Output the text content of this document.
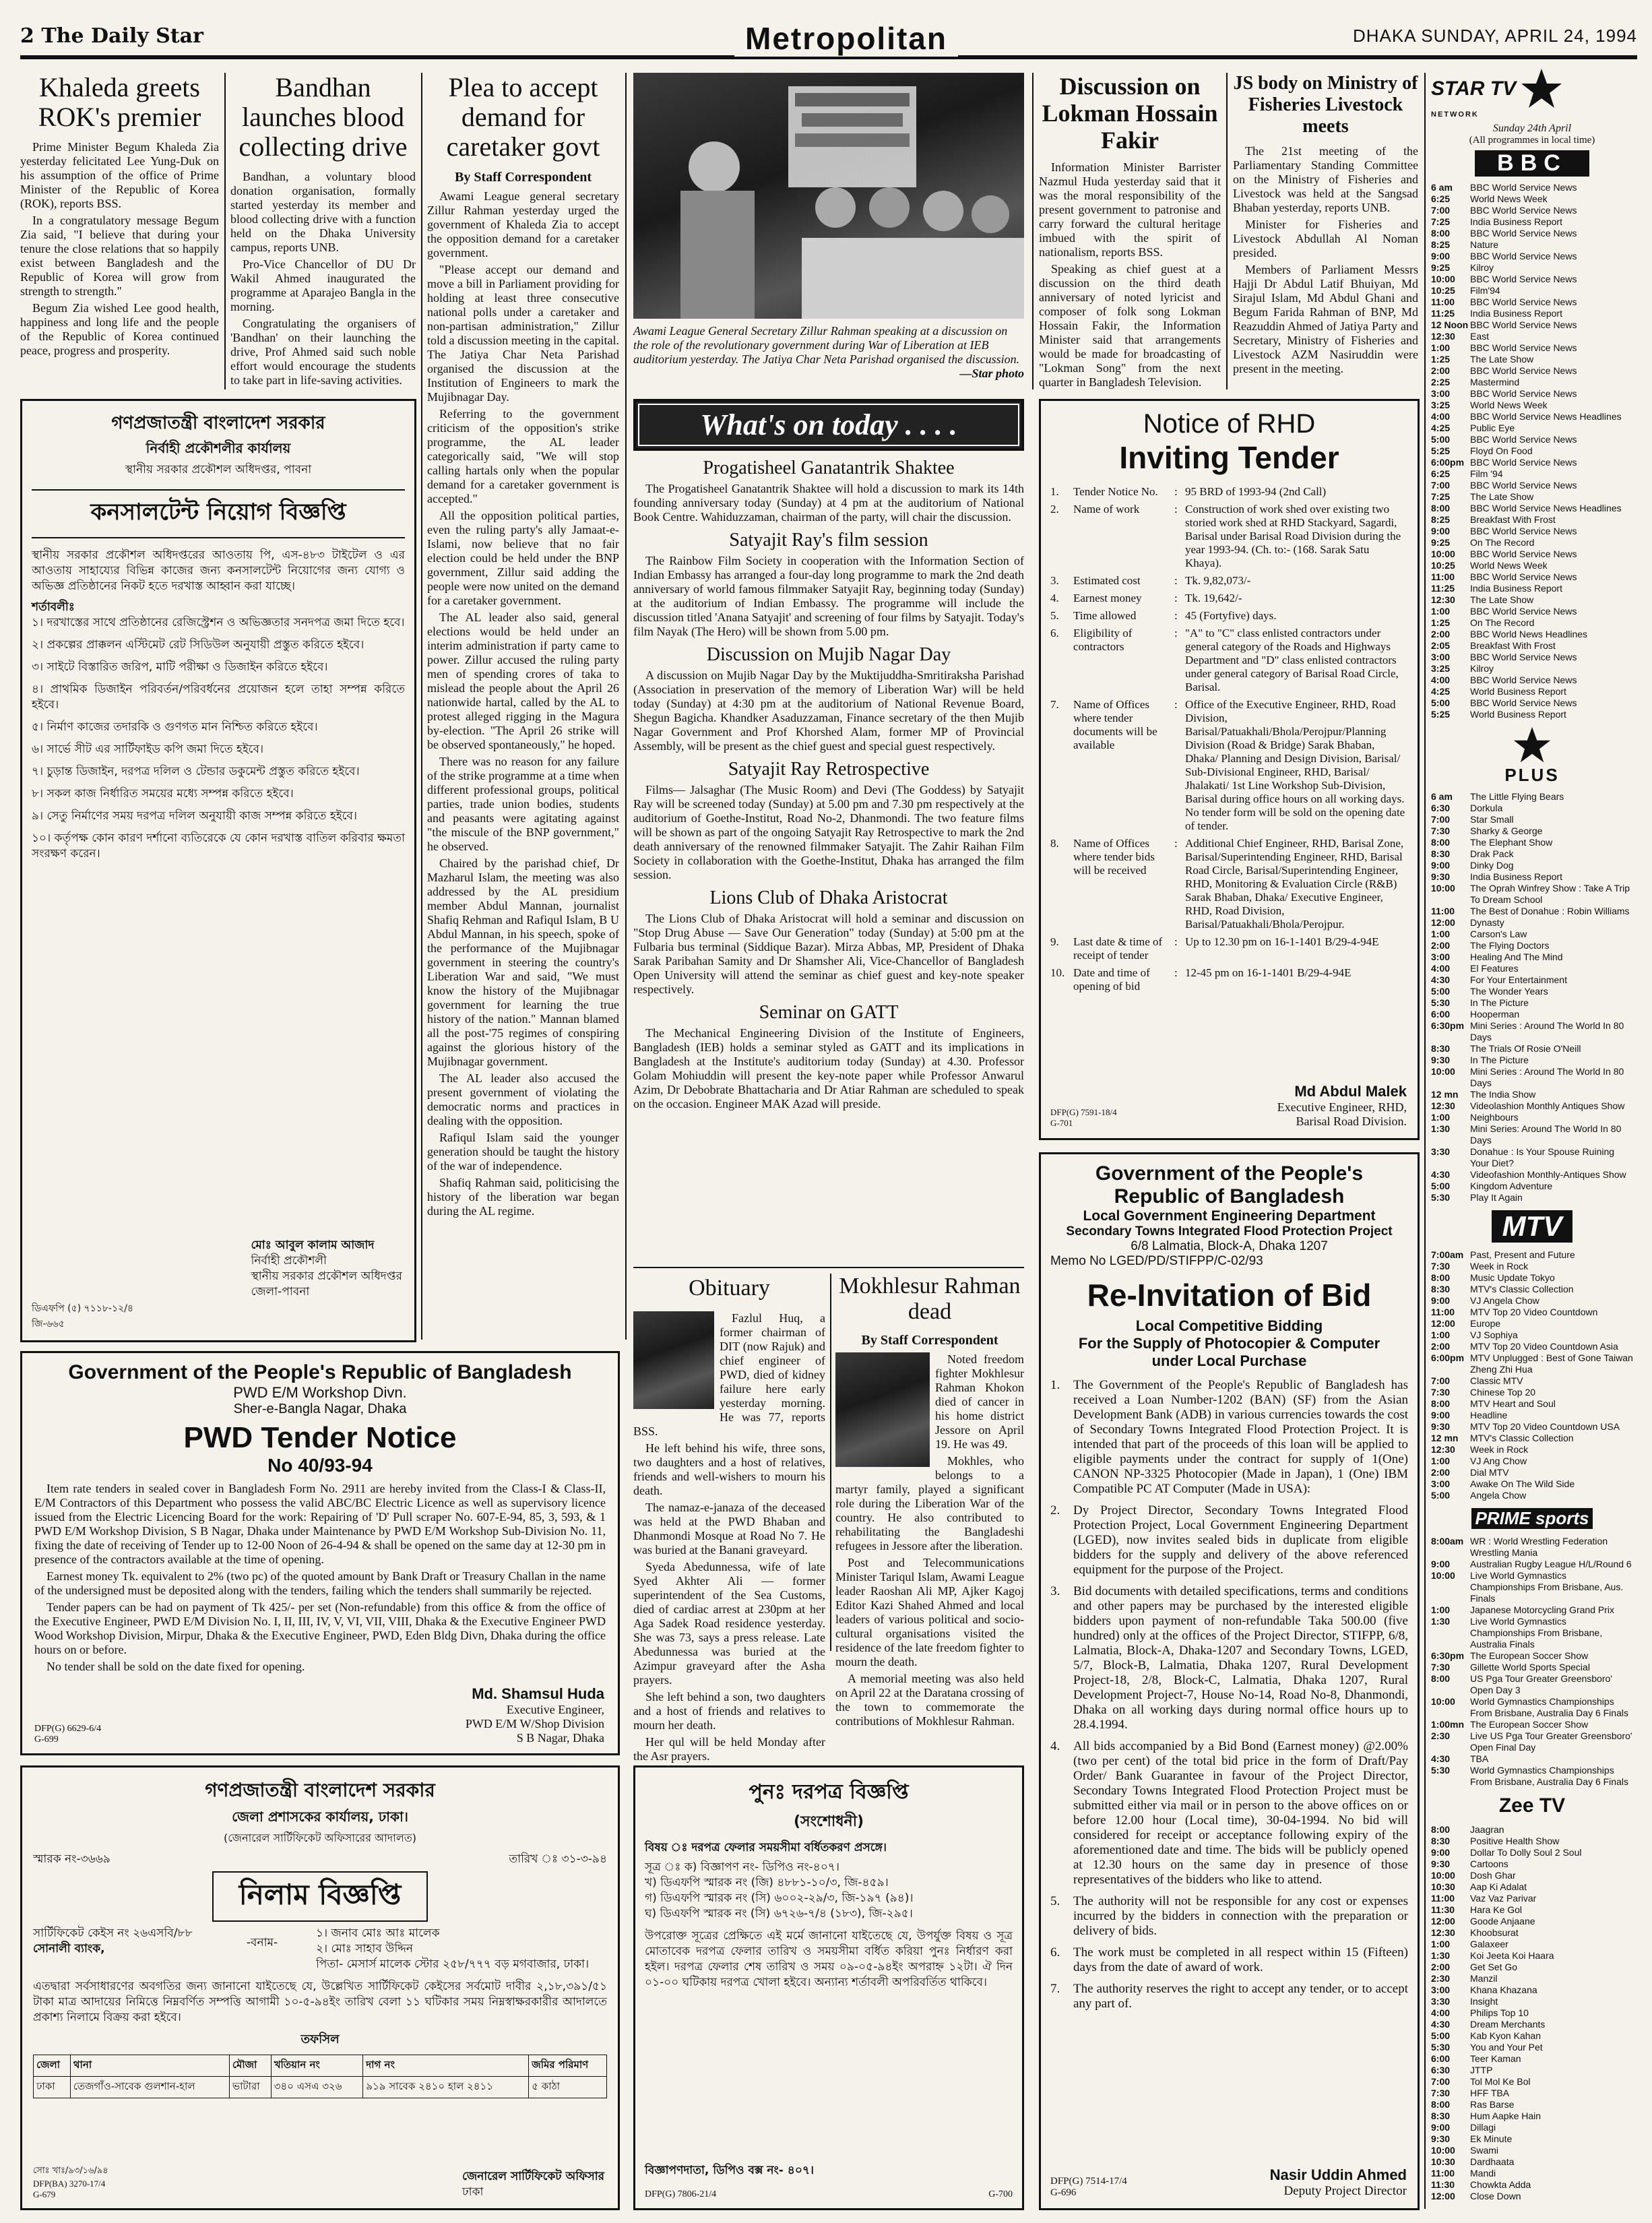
2 The Daily Star	Metropolitan	DHAKA SUNDAY, APRIL 24, 1994
Khaleda greets ROK's premier

Prime Minister Begum Khaleda Zia yesterday felicitated Lee Yung-Duk on his assumption of the office of Prime Minister of the Republic of Korea (ROK), reports BSS.

In a congratulatory message Begum Zia said, "I believe that during your tenure the close relations that so happily exist between Bangladesh and the Republic of Korea will grow from strength to strength."

Begum Zia wished Lee good health, happiness and long life and the people of the Republic of Korea continued peace, progress and prosperity.

Bandhan launches blood collecting drive

Bandhan, a voluntary blood donation organisation, formally started yesterday its member and blood collecting drive with a function held on the Dhaka University campus, reports UNB.

Pro-Vice Chancellor of DU Dr Wakil Ahmed inaugurated the programme at Aparajeo Bangla in the morning.

Congratulating the organisers of 'Bandhan' on their launching the drive, Prof Ahmed said such noble effort would encourage the students to take part in life-saving activities.

Plea to accept demand for caretaker govt
By Staff Correspondent

Awami League general secretary Zillur Rahman yesterday urged the government of Khaleda Zia to accept the opposition demand for a caretaker government.

"Please accept our demand and move a bill in Parliament providing for holding at least three consecutive national polls under a caretaker and non-partisan administration," Zillur told a discussion meeting in the capital. The Jatiya Char Neta Parishad organised the discussion at the Institution of Engineers to mark the Mujibnagar Day.

Referring to the government criticism of the opposition's strike programme, the AL leader categorically said, "We will stop calling hartals only when the popular demand for a caretaker government is accepted."

All the opposition political parties, even the ruling party's ally Jamaat-e-Islami, now believe that no fair election could be held under the BNP government, Zillur said adding the people were now united on the demand for a caretaker government.

The AL leader also said, general elections would be held under an interim administration if party came to power. Zillur accused the ruling party men of spending crores of taka to mislead the people about the April 26 nationwide hartal, called by the AL to protest alleged rigging in the Magura by-election. "The April 26 strike will be observed spontaneously," he hoped.

There was no reason for any failure of the strike programme at a time when different professional groups, political parties, trade union bodies, students and peasants were agitating against "the miscule of the BNP government," he observed.

Chaired by the parishad chief, Dr Mazharul Islam, the meeting was also addressed by the AL presidium member Abdul Mannan, journalist Shafiq Rehman and Rafiqul Islam, B U Abdul Mannan, in his speech, spoke of the performance of the Mujibnagar government in steering the country's Liberation War and said, "We must know the history of the Mujibnagar government for learning the true history of the nation." Mannan blamed all the post-'75 regimes of conspiring against the glorious history of the Mujibnagar government.

The AL leader also accused the present government of violating the democratic norms and practices in dealing with the opposition.

Rafiqul Islam said the younger generation should be taught the history of the war of independence.

Shafiq Rahman said, politicising the history of the liberation war began during the AL regime.

Awami League General Secretary Zillur Rahman speaking at a discussion on the role of the revolutionary government during War of Liberation at IEB auditorium yesterday. The Jatiya Char Neta Parishad organised the discussion.
—Star photo
Discussion on Lokman Hossain Fakir

Information Minister Barrister Nazmul Huda yesterday said that it was the moral responsibility of the present government to patronise and carry forward the cultural heritage imbued with the spirit of nationalism, reports BSS.

Speaking as chief guest at a discussion on the third death anniversary of noted lyricist and composer of folk song Lokman Hossain Fakir, the Information Minister said that arrangements would be made for broadcasting of "Lokman Song" from the next quarter in Bangladesh Television.

JS body on Ministry of Fisheries Livestock meets

The 21st meeting of the Parliamentary Standing Committee on the Ministry of Fisheries and Livestock was held at the Sangsad Bhaban yesterday, reports UNB.

Minister for Fisheries and Livestock Abdullah Al Noman presided.

Members of Parliament Messrs Hajji Dr Abdul Latif Bhuiyan, Md Sirajul Islam, Md Abdul Ghani and Begum Farida Rahman of BNP, Md Reazuddin Ahmed of Jatiya Party and Secretary, Ministry of Fisheries and Livestock AZM Nasiruddin were present in the meeting.

গণপ্রজাতন্ত্রী বাংলাদেশ সরকার
নির্বাহী প্রকৌশলীর কার্যালয়
স্থানীয় সরকার প্রকৌশল অধিদপ্তর, পাবনা
কনসালটেন্ট নিয়োগ বিজ্ঞপ্তি
স্থানীয় সরকার প্রকৌশল অধিদপ্তরের আওতায় পি, এস-৪৮৩ টাইটেল ও এর আওতায় সাহায্যের বিভিন্ন কাজের জন্য কনসালটেন্ট নিয়োগের জন্য যোগ্য ও অভিজ্ঞ প্রতিষ্ঠানের নিকট হতে দরখাস্ত আহ্বান করা যাচ্ছে।
শর্তাবলীঃ
১। দরখাস্তের সাথে প্রতিষ্ঠানের রেজিস্ট্রেশন ও অভিজ্ঞতার সনদপত্র জমা দিতে হবে।
২। প্রকল্পের প্রাক্কলন এস্টিমেট রেট সিডিউল অনুযায়ী প্রস্তুত করিতে হইবে।
৩। সাইটে বিস্তারিত জরিপ, মাটি পরীক্ষা ও ডিজাইন করিতে হইবে।
৪। প্রাথমিক ডিজাইন পরিবর্তন/পরিবর্ধনের প্রয়োজন হলে তাহা সম্পন্ন করিতে হইবে।
৫। নির্মাণ কাজের তদারকি ও গুণগত মান নিশ্চিত করিতে হইবে।
৬। সার্ভে সীট এর সার্টিফাইড কপি জমা দিতে হইবে।
৭। চুড়ান্ত ডিজাইন, দরপত্র দলিল ও টেন্ডার ডকুমেন্ট প্রস্তুত করিতে হইবে।
৮। সকল কাজ নির্ধারিত সময়ের মধ্যে সম্পন্ন করিতে হইবে।
৯। সেতু নির্মাণের সময় দরপত্র দলিল অনুযায়ী কাজ সম্পন্ন করিতে হইবে।
১০। কর্তৃপক্ষ কোন কারণ দর্শানো ব্যতিরেকে যে কোন দরখাস্ত বাতিল করিবার ক্ষমতা সংরক্ষণ করেন।
মোঃ আবুল কালাম আজাদ
নির্বাহী প্রকৌশলী
স্থানীয় সরকার প্রকৌশল অধিদপ্তর
জেলা-পাবনা
ডিএফপি (৫) ৭১১৮-১২/৪
জি-৬৬৫
What's on today . . . .
Progatisheel Ganatantrik Shaktee
The Progatisheel Ganatantrik Shaktee will hold a discussion to mark its 14th founding anniversary today (Sunday) at 4 pm at the auditorium of National Book Centre. Wahiduzzaman, chairman of the party, will chair the discussion.
Satyajit Ray's film session
The Rainbow Film Society in cooperation with the Information Section of Indian Embassy has arranged a four-day long programme to mark the 2nd death anniversary of world famous filmmaker Satyajit Ray, beginning today (Sunday) at the auditorium of Indian Embassy. The programme will include the discussion titled 'Anana Satyajit' and screening of four films by Satyajit. Today's film Nayak (The Hero) will be shown from 5.00 pm.
Discussion on Mujib Nagar Day
A discussion on Mujib Nagar Day by the Muktijuddha-Smritiraksha Parishad (Association in preservation of the memory of Liberation War) will be held today (Sunday) at 4:30 pm at the auditorium of National Revenue Board, Shegun Bagicha. Khandker Asaduzzaman, Finance secretary of the then Mujib Nagar Government and Prof Khorshed Alam, former MP of Provincial Assembly, will be present as the chief guest and special guest respectively.
Satyajit Ray Retrospective
Films— Jalsaghar (The Music Room) and Devi (The Goddess) by Satyajit Ray will be screened today (Sunday) at 5.00 pm and 7.30 pm respectively at the auditorium of Goethe-Institut, Road No-2, Dhanmondi. The two feature films will be shown as part of the ongoing Satyajit Ray Retrospective to mark the 2nd death anniversary of the renowned filmmaker Satyajit. The Zahir Raihan Film Society in collaboration with the Goethe-Institut, Dhaka has arranged the film session.
Lions Club of Dhaka Aristocrat
The Lions Club of Dhaka Aristocrat will hold a seminar and discussion on "Stop Drug Abuse — Save Our Generation" today (Sunday) at 5:00 pm at the Fulbaria bus terminal (Siddique Bazar). Mirza Abbas, MP, President of Dhaka Sarak Paribahan Samity and Dr Shamsher Ali, Vice-Chancellor of Bangladesh Open University will attend the seminar as chief guest and key-note speaker respectively.
Seminar on GATT
The Mechanical Engineering Division of the Institute of Engineers, Bangladesh (IEB) holds a seminar styled as GATT and its implications in Bangladesh at the Institute's auditorium today (Sunday) at 4.30. Professor Golam Mohiuddin will present the key-note paper while Professor Anwarul Azim, Dr Debobrate Bhattacharia and Dr Atiar Rahman are scheduled to speak on the occasion. Engineer MAK Azad will preside.
Notice of RHD
Inviting Tender
1.	Tender Notice No.	: 95 BRD of 1993-94 (2nd Call)
2.	Name of work	: Construction of work shed over existing two storied work shed at RHD Stackyard, Sagardi, Barisal under Barisal Road Division during the year 1993-94. (Ch. to:- (168. Sarak Satu Khaya).
3.	Estimated cost	: Tk. 9,82,073/-
4.	Earnest money	: Tk. 19,642/-
5.	Time allowed	: 45 (Fortyfive) days.
6.	Eligibility of contractors
: "A" to "C" class enlisted contractors under general category of the Roads and Highways Department and "D" class enlisted contractors under general category of Barisal Road Circle, Barisal.
7.	Name of Offices where tender documents will be available
: Office of the Executive Engineer, RHD, Road Division, Barisal/Patuakhali/Bhola/Perojpur/Planning Division (Road & Bridge) Sarak Bhaban, Dhaka/ Planning and Design Division, Barisal/ Sub-Divisional Engineer, RHD, Barisal/ Jhalakati/ 1st Line Workshop Sub-Division, Barisal during office hours on all working days. No tender form will be sold on the opening date of tender.
8.	Name of Offices where tender bids will be received
: Additional Chief Engineer, RHD, Barisal Zone, Barisal/Superintending Engineer, RHD, Barisal Road Circle, Barisal/Superintending Engineer, RHD, Monitoring & Evaluation Circle (R&B) Sarak Bhaban, Dhaka/ Executive Engineer, RHD, Road Division, Barisal/Patuakhali/Bhola/Perojpur.
9.	Last date & time of receipt of tender
: Up to 12.30 pm on 16-1-1401 B/29-4-94E
10. Date and time of opening of bid
: 12-45 pm on 16-1-1401 B/29-4-94E
Md Abdul Malek
Executive Engineer, RHD,
Barisal Road Division.
DFP(G) 7591-18/4
G-701
Obituary

Fazlul Huq, a former chairman of DIT (now Rajuk) and chief engineer of PWD, died of kidney failure here early yesterday morning. He was 77, reports BSS.

He left behind his wife, three sons, two daughters and a host of relatives, friends and well-wishers to mourn his death.

The namaz-e-janaza of the deceased was held at the PWD Bhaban and Dhanmondi Mosque at Road No 7. He was buried at the Banani graveyard.

Syeda Abedunnessa, wife of late Syed Akhter Ali — former superintendent of the Sea Customs, died of cardiac arrest at 230pm at her Aga Sadek Road residence yesterday. She was 73, says a press release. Late Abedunnessa was buried at the Azimpur graveyard after the Asha prayers.

She left behind a son, two daughters and a host of friends and relatives to mourn her death.

Her qul will be held Monday after the Asr prayers.

Mokhlesur Rahman dead
By Staff Correspondent

Noted freedom fighter Mokhlesur Rahman Khokon died of cancer in his home district Jessore on April 19. He was 49.

Mokhles, who belongs to a martyr family, played a significant role during the Liberation War of the country. He also contributed to rehabilitating the Bangladeshi refugees in Jessore after the liberation.

Post and Telecommunications Minister Tariqul Islam, Awami League leader Raoshan Ali MP, Ajker Kagoj Editor Kazi Shahed Ahmed and local leaders of various political and socio-cultural organisations visited the residence of the late freedom fighter to mourn the death.

A memorial meeting was also held on April 22 at the Daratana crossing of the town to commemorate the contributions of Mokhlesur Rahman.

Government of the People's Republic of Bangladesh
PWD E/M Workshop Divn.
Sher-e-Bangla Nagar, Dhaka
PWD Tender Notice
No 40/93-94

Item rate tenders in sealed cover in Bangladesh Form No. 2911 are hereby invited from the Class-I & Class-II, E/M Contractors of this Department who possess the valid ABC/BC Electric Licence as well as supervisory licence issued from the Electric Licencing Board for the work: Repairing of 'D' Pull scraper No. 607-E-94, 85, 3, 593, & 1 PWD E/M Workshop Division, S B Nagar, Dhaka under Maintenance by PWD E/M Workshop Sub-Division No. 11, fixing the date of receiving of Tender up to 12-00 Noon of 26-4-94 & shall be opened on the same day at 12-30 pm in presence of the contractors available at the time of opening.

Earnest money Tk. equivalent to 2% (two pc) of the quoted amount by Bank Draft or Treasury Challan in the name of the undersigned must be deposited along with the tenders, failing which the tenders shall summarily be rejected.

Tender papers can be had on payment of Tk 425/- per set (Non-refundable) from this office & from the office of the Executive Engineer, PWD E/M Division No. I, II, III, IV, V, VI, VII, VIII, Dhaka & the Executive Engineer PWD Wood Workshop Division, Mirpur, Dhaka & the Executive Engineer, PWD, Eden Bldg Divn, Dhaka during the office hours on or before.

No tender shall be sold on the date fixed for opening.

Md. Shamsul Huda
Executive Engineer,
PWD E/M W/Shop Division
S B Nagar, Dhaka
DFP(G) 6629-6/4
G-699
গণপ্রজাতন্ত্রী বাংলাদেশ সরকার
জেলা প্রশাসকের কার্যালয়, ঢাকা।
(জেনারেল সার্টিফিকেট অফিসারের আদালত)
স্মারক নং-৩৬৬৯	তারিখ ঃ ৩১-৩-৯৪
নিলাম বিজ্ঞপ্তি
সার্টিফিকেট কেইস নং ২৬এসবি/৮৮
সোনালী ব্যাংক,	-বনাম-
১। জনাব মোঃ আঃ মালেক
২। মোঃ সাহাব উদ্দিন
পিতা- মেসার্স মালেক স্টোর ২৫৮/৭৭৭ বড় মগবাজার, ঢাকা।
এতদ্বারা সর্বসাধারণের অবগতির জন্য জানানো যাইতেছে যে, উল্লেখিত সার্টিফিকেট কেইসের সর্বমোট দাবীর ২,১৮,৩৯১/৫১ টাকা মাত্র আদায়ের নিমিত্তে নিম্নবর্ণিত সম্পত্তি আগামী ১০-৫-৯৪ইং তারিখ বেলা ১১ ঘটিকার সময় নিম্নস্বাক্ষরকারীর আদালতে প্রকাশ্য নিলামে বিক্রয় করা হইবে।
তফসিল
জেলা	থানা	মৌজা	খতিয়ান নং	দাগ নং	জমির পরিমাণ
ঢাকা	তেজগাঁও-সাবেক গুলশান-হাল	ভাটারা	৩৪০ এসএ ৩২৬	৯১৯ সাবেক ২৪১০ হাল ২৪১১	৫ কাঠা
জেনারেল সার্টিফিকেট অফিসার
ঢাকা
সোঃ খাঃ/৯৩/১৬/৯৪
DFP(BA) 3270-17/4
G-679
পুনঃ দরপত্র বিজ্ঞপ্তি
(সংশোধনী)
বিষয় ঃ দরপত্র ফেলার সময়সীমা বর্ধিতকরণ প্রসঙ্গে।
সূত্র ঃ ক) বিজ্ঞাপণ নং- ডিপিও নং-৪০৭।
খ) ডিএফপি স্মারক নং (জি) ৪৮৮১-১০/৩, জি-৪৫৯।
গ) ডিএফপি স্মারক নং (সি) ৬০০২-২৯/৩, জি-১৯৭ (৯৪)।
ঘ) ডিএফপি স্মারক নং (সি) ৬৭২৬-৭/৪ (১৮৩), জি-২৯৫।
উপরোক্ত সূত্রের প্রেক্ষিতে এই মর্মে জানানো যাইতেছে যে, উপর্যুক্ত বিষয় ও সূত্র মোতাবেক দরপত্র ফেলার তারিখ ও সময়সীমা বর্ধিত করিয়া পুনঃ নির্ধারণ করা হইল। দরপত্র ফেলার শেষ তারিখ ও সময় ০৯-০৫-৯৪ইং অপরাহ্ন ১২টা। ঐ দিন ০১-০০ ঘটিকায় দরপত্র খোলা হইবে। অন্যান্য শর্তাবলী অপরিবর্তিত থাকিবে।
বিজ্ঞাপণদাতা, ডিপিও বক্স নং- ৪০৭।
DFP(G) 7806-21/4	G-700
Government of the People's
Republic of Bangladesh
Local Government Engineering Department
Secondary Towns Integrated Flood Protection Project
6/8 Lalmatia, Block-A, Dhaka 1207
Memo No LGED/PD/STIFPP/C-02/93
Re-Invitation of Bid
Local Competitive Bidding
For the Supply of Photocopier & Computer
under Local Purchase

1.	The Government of the People's Republic of Bangladesh has received a Loan Number-1202 (BAN) (SF) from the Asian Development Bank (ADB) in various currencies towards the cost of Secondary Towns Integrated Flood Protection Project. It is intended that part of the proceeds of this loan will be applied to eligible payments under the contract for supply of 1(One) CANON NP-3325 Photocopier (Made in Japan), 1 (One) IBM Compatible PC AT Computer (Made in USA):

2.	Dy Project Director, Secondary Towns Integrated Flood Protection Project, Local Government Engineering Department (LGED), now invites sealed bids in duplicate from eligible bidders for the supply and delivery of the above referenced equipment for the purpose of the Project.

3.	Bid documents with detailed specifications, terms and conditions and other papers may be purchased by the interested eligible bidders upon payment of non-refundable Taka 500.00 (five hundred) only at the offices of the Project Director, STIFPP, 6/8, Lalmatia, Block-A, Dhaka-1207 and Secondary Towns, LGED, 5/7, Block-B, Lalmatia, Dhaka 1207, Rural Development Project-18, 2/8, Block-C, Lalmatia, Dhaka 1207, Rural Development Project-7, House No-14, Road No-8, Dhanmondi, Dhaka on all working days during normal office hours up to 28.4.1994.

4.	All bids accompanied by a Bid Bond (Earnest money) @2.00% (two per cent) of the total bid price in the form of Draft/Pay Order/ Bank Guarantee in favour of the Project Director, Secondary Towns Integrated Flood Protection Project must be submitted either via mail or in person to the above offices on or before 12.00 hour (Local time), 30-04-1994. No bid will considered for receipt or acceptance following expiry of the aforementioned date and time. The bids will be publicly opened at 12.30 hours on the same day in presence of those representatives of the bidders who like to attend.

5.	The authority will not be responsible for any cost or expenses incurred by the bidders in connection with the preparation or delivery of bids.

6.	The work must be completed in all respect within 15 (Fifteen) days from the date of award of work.

7.	The authority reserves the right to accept any tender, or to accept any part of.

Nasir Uddin Ahmed
Deputy Project Director
DFP(G) 7514-17/4
G-696
STAR TV
NETWORK
Sunday 24th April
(All programmes in local time)
BBC
6 am	BBC World Service News
6:25	World News Week
7:00	BBC World Service News
7:25	India Business Report
8:00	BBC World Service News
8:25	Nature
9:00	BBC World Service News
9:25	Kilroy
10:00	BBC World Service News
10:25	Film'94
11:00	BBC World Service News
11:25	India Business Report
12 Noon BBC World Service News
12:30	East
1:00	BBC World Service News
1:25	The Late Show
2:00	BBC World Service News
2:25	Mastermind
3:00	BBC World Service News
3:25	World News Week
4:00	BBC World Service News Headlines
4:25	Public Eye
5:00	BBC World Service News
5:25	Floyd On Food
6:00pm BBC World Service News
6:25	Film '94
7:00	BBC World Service News
7:25	The Late Show
8:00	BBC World Service News Headlines
8:25	Breakfast With Frost
9:00	BBC World Service News
9:25	On The Record
10:00	BBC World Service News
10:25	World News Week
11:00	BBC World Service News
11:25	India Business Report
12:30	The Late Show
1:00	BBC World Service News
1:25	On The Record
2:00	BBC World News Headlines
2:05	Breakfast With Frost
3:00	BBC World Service News
3:25	Kilroy
4:00	BBC World Service News
4:25	World Business Report
5:00	BBC World Service News
5:25	World Business Report
PLUS
6 am	The Little Flying Bears
6:30	Dorkula
7:00	Star Small
7:30	Sharky & George
8:00	The Elephant Show
8:30	Drak Pack
9:00	Dinky Dog
9:30	India Business Report
10:00	The Oprah Winfrey Show : Take A Trip To Dream School
11:00	The Best of Donahue : Robin Williams
12:00	Dynasty
1:00	Carson's Law
2:00	The Flying Doctors
3:00	Healing And The Mind
4:00	El Features
4:30	For Your Entertainment
5:00	The Wonder Years
5:30	In The Picture
6:00	Hooperman
6:30pm Mini Series : Around The World In 80 Days
8:30	The Trials Of Rosie O'Neill
9:30	In The Picture
10:00	Mini Series : Around The World In 80 Days
12 mn	The India Show
12:30	Videolashion Monthly Antiques Show
1:00	Neighbours
1:30	Mini Series: Around The World In 80 Days
3:30	Donahue : Is Your Spouse Ruining Your Diet?
4:30	Videofashion Monthly-Antiques Show
5:00	Kingdom Adventure
5:30	Play It Again
MTV
7:00am Past, Present and Future
7:30	Week in Rock
8:00	Music Update Tokyo
8:30	MTV's Classic Collection
9:00	VJ Angela Chow
11:00	MTV Top 20 Video Countdown
12:00	Europe
1:00	VJ Sophiya
2:00	MTV Top 20 Video Countdown Asia
6:00pm MTV Unplugged : Best of Gone Taiwan Zheng Zhi Hua
7:00	Classic MTV
7:30	Chinese Top 20
8:00	MTV Heart and Soul
9:00	Headline
9:30	MTV Top 20 Video Countdown USA
12 mn	MTV's Classic Collection
12:30	Week in Rock
1:00	VJ Ang Chow
2:00	Dial MTV
3:00	Awake On The Wild Side
5:00	Angela Chow
PRIME sports
8:00am WR : World Wrestling Federation Wrestling Mania
9:00	Australian Rugby League H/L/Round 6
10:00	Live World Gymnastics Championships From Brisbane, Aus. Finals
1:00	Japanese Motorcycling Grand Prix
1:30	Live World Gymnastics Championships From Brisbane, Australia Finals
6:30pm The European Soccer Show
7:30	Gillette World Sports Special
8:00	US Pga Tour Greater Greensboro' Open Day 3
10:00	World Gymnastics Championships From Brisbane, Australia Day 6 Finals
1:00mn The European Soccer Show
2:30	Live US Pga Tour Greater Greensboro' Open Final Day
4:30	TBA
5:30	World Gymnastics Championships From Brisbane, Australia Day 6 Finals
Zee TV
8:00	Jaagran
8:30	Positive Health Show
9:00	Dollar To Dolly Soul 2 Soul
9:30	Cartoons
10:00	Dosh Ghar
10:30	Aap Ki Adalat
11:00	Vaz Vaz Parivar
11:30	Hara Ke Gol
12:00	Goode Anjaane
12:30	Khoobsurat
1:00	Galaxeer
1:30	Koi Jeeta Koi Haara
2:00	Get Set Go
2:30	Manzil
3:00	Khana Khazana
3:30	Insight
4:00	Philips Top 10
4:30	Dream Merchants
5:00	Kab Kyon Kahan
5:30	You and Your Pet
6:00	Teer Kaman
6:30	JTTP
7:00	Tol Mol Ke Bol
7:30	HFF TBA
8:00	Ras Barse
8:30	Hum Aapke Hain
9:00	Dillagi
9:30	Ek Minute
10:00	Swami
10:30	Dardhaata
11:00	Mandi
11:30	Chowkta Adda
12:00	Close Down
